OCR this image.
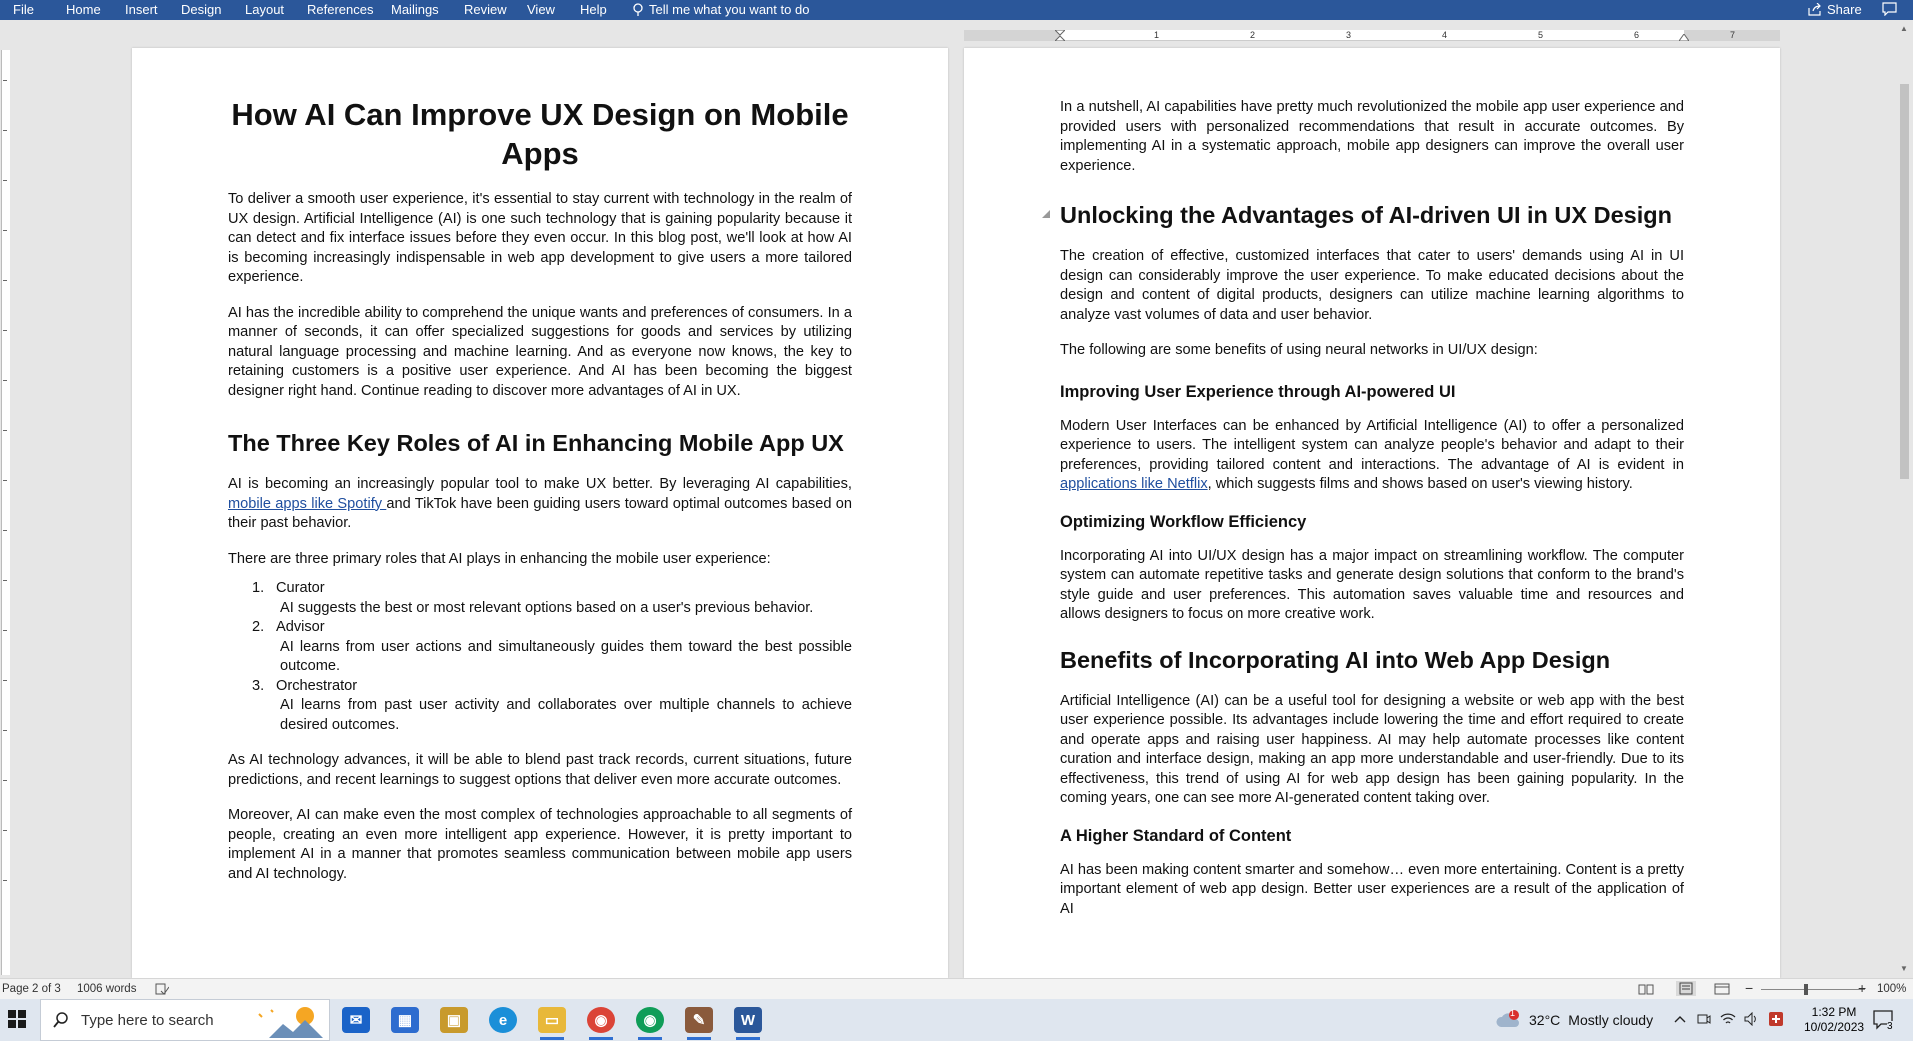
File Home Insert Design Layout References Mailings Review View Help	Tell me what you want to do	Share
1	2	3	4	5	6	7
How AI Can Improve UX Design on Mobile Apps

To deliver a smooth user experience, it's essential to stay current with technology in the realm of UX design. Artificial Intelligence (AI) is one such technology that is gaining popularity because it can detect and fix interface issues before they even occur. In this blog post, we'll look at how AI is becoming increasingly indispensable in web app development to give users a more tailored experience.

AI has the incredible ability to comprehend the unique wants and preferences of consumers. In a manner of seconds, it can offer specialized suggestions for goods and services by utilizing natural language processing and machine learning. And as everyone now knows, the key to retaining customers is a positive user experience. And AI has been becoming the biggest designer right hand. Continue reading to discover more advantages of AI in UX.

The Three Key Roles of AI in Enhancing Mobile App UX

AI is becoming an increasingly popular tool to make UX better. By leveraging AI capabilities, mobile apps like Spotify and TikTok have been guiding users toward optimal outcomes based on their past behavior.

There are three primary roles that AI plays in enhancing the mobile user experience:

1. Curator
AI suggests the best or most relevant options based on a user's previous behavior.
2. Advisor
AI learns from user actions and simultaneously guides them toward the best possible outcome.
3. Orchestrator
AI learns from past user activity and collaborates over multiple channels to achieve desired outcomes.

As AI technology advances, it will be able to blend past track records, current situations, future predictions, and recent learnings to suggest options that deliver even more accurate outcomes.

Moreover, AI can make even the most complex of technologies approachable to all segments of people, creating an even more intelligent app experience. However, it is pretty important to implement AI in a manner that promotes seamless communication between mobile app users and AI technology.

In a nutshell, AI capabilities have pretty much revolutionized the mobile app user experience and provided users with personalized recommendations that result in accurate outcomes. By implementing AI in a systematic approach, mobile app designers can improve the overall user experience.

Unlocking the Advantages of AI-driven UI in UX Design

The creation of effective, customized interfaces that cater to users' demands using AI in UI design can considerably improve the user experience. To make educated decisions about the design and content of digital products, designers can utilize machine learning algorithms to analyze vast volumes of data and user behavior.

The following are some benefits of using neural networks in UI/UX design:

Improving User Experience through AI-powered UI

Modern User Interfaces can be enhanced by Artificial Intelligence (AI) to offer a personalized experience to users. The intelligent system can analyze people's behavior and adapt to their preferences, providing tailored content and interactions. The advantage of AI is evident in applications like Netflix, which suggests films and shows based on user's viewing history.

Optimizing Workflow Efficiency

Incorporating AI into UI/UX design has a major impact on streamlining workflow. The computer system can automate repetitive tasks and generate design solutions that conform to the brand's style guide and user preferences. This automation saves valuable time and resources and allows designers to focus on more creative work.

Benefits of Incorporating AI into Web App Design

Artificial Intelligence (AI) can be a useful tool for designing a website or web app with the best user experience possible. Its advantages include lowering the time and effort required to create and operate apps and raising user happiness. AI may help automate processes like content curation and interface design, making an app more understandable and user-friendly. Due to its effectiveness, this trend of using AI for web app design has been gaining popularity. In the coming years, one can see more AI-generated content taking over.

A Higher Standard of Content

AI has been making content smarter and somehow… even more entertaining. Content is a pretty important element of web app design. Better user experiences are a result of the application of AI

▲
▼
Page 2 of 3 1006 words	−	+ 100%
Type here to search	✉	▦	▣	e	▭	◉	◉	✎	W	1 32°C Mostly cloudy	1:32 PM
10/02/2023 3
